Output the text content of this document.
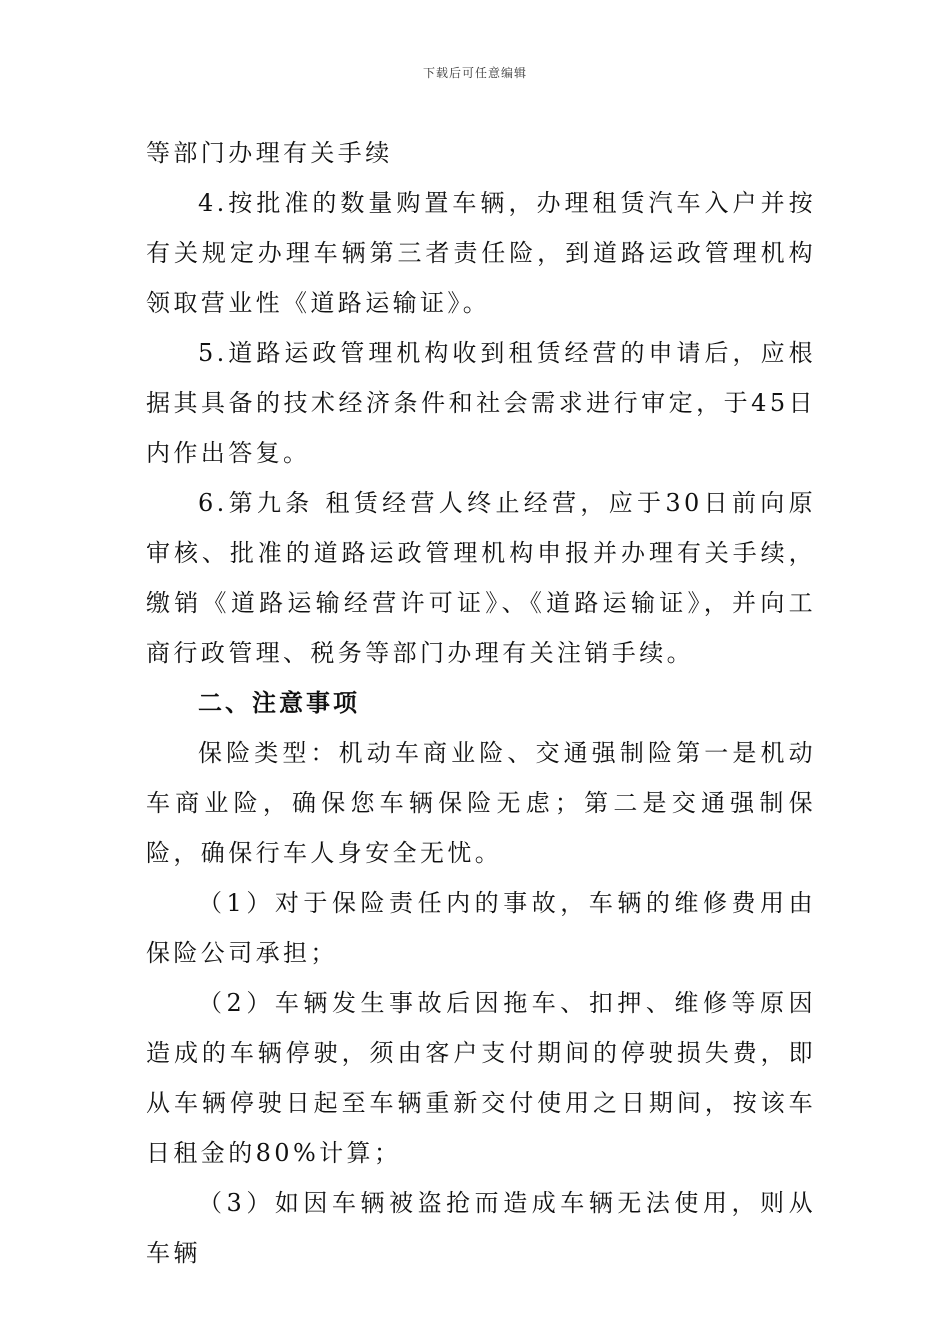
下载后可任意编辑

等部门办理有关手续

4.按批准的数量购置车辆，办理租赁汽车入户并按有关规定办理车辆第三者责任险，到道路运政管理机构领取营业性《道路运输证》。

5.道路运政管理机构收到租赁经营的申请后，应根据其具备的技术经济条件和社会需求进行审定，于45日内作出答复。

6.第九条 租赁经营人终止经营，应于30日前向原审核、批准的道路运政管理机构申报并办理有关手续，缴销《道路运输经营许可证》、《道路运输证》，并向工商行政管理、税务等部门办理有关注销手续。

二、注意事项

保险类型：机动车商业险、交通强制险第一是机动车商业险，确保您车辆保险无虑；第二是交通强制保险，确保行车人身安全无忧。

（1）对于保险责任内的事故，车辆的维修费用由保险公司承担；

（2）车辆发生事故后因拖车、扣押、维修等原因造成的车辆停驶，须由客户支付期间的停驶损失费，即从车辆停驶日起至车辆重新交付使用之日期间，按该车日租金的80%计算；

（3）如因车辆被盗抢而造成车辆无法使用，则从车辆
